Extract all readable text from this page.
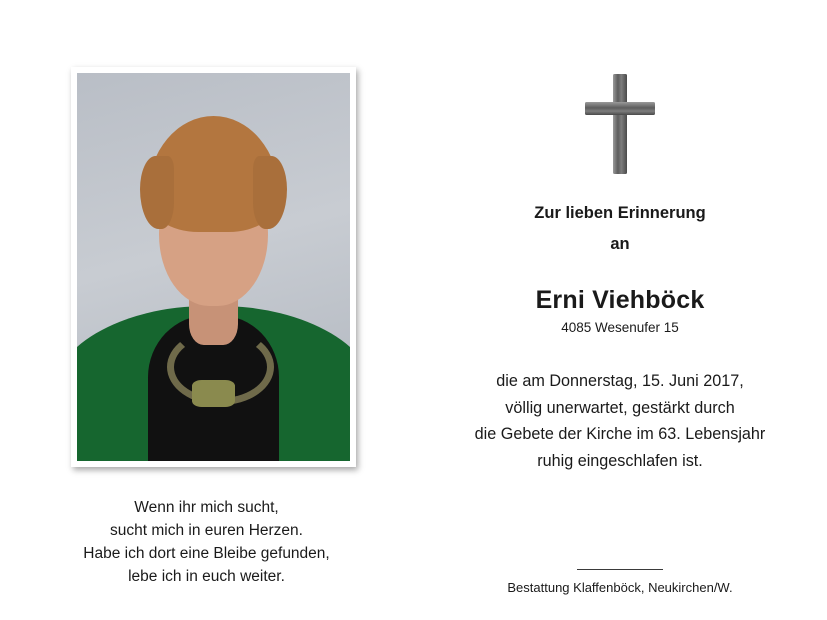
Wenn ihr mich sucht,
sucht mich in euren Herzen.
Habe ich dort eine Bleibe gefunden,
lebe ich in euch weiter.
Zur lieben Erinnerung
an
Erni Viehböck
4085 Wesenufer 15
die am Donnerstag, 15. Juni 2017,
völlig unerwartet, gestärkt durch
die Gebete der Kirche im 63. Lebensjahr
ruhig eingeschlafen ist.
Bestattung Klaffenböck, Neukirchen/W.
